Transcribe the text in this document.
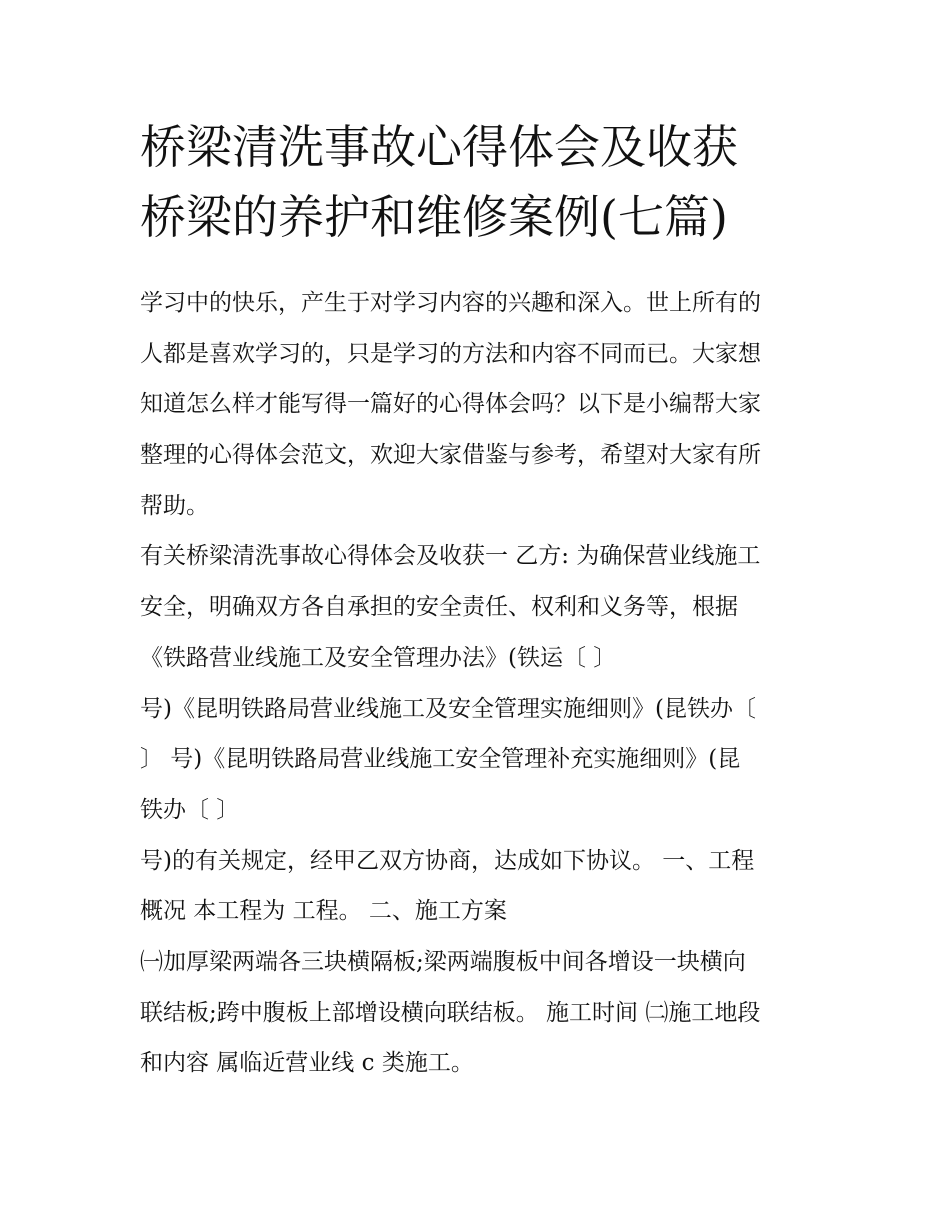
桥梁清洗事故心得体会及收获
桥梁的养护和维修案例(七篇)
学习中的快乐，产生于对学习内容的兴趣和深入。世上所有的
人都是喜欢学习的，只是学习的方法和内容不同而已。大家想
知道怎么样才能写得一篇好的心得体会吗？以下是小编帮大家
整理的心得体会范文，欢迎大家借鉴与参考，希望对大家有所
帮助。
有关桥梁清洗事故心得体会及收获一 乙方: 为确保营业线施工
安全，明确双方各自承担的安全责任、权利和义务等，根据
《铁路营业线施工及安全管理办法》(铁运〔 〕
号)《昆明铁路局营业线施工及安全管理实施细则》(昆铁办〔
〕 号)《昆明铁路局营业线施工安全管理补充实施细则》(昆
铁办〔 〕
号)的有关规定，经甲乙双方协商，达成如下协议。 一、工程
概况 本工程为 工程。 二、施工方案
㈠加厚梁两端各三块横隔板;梁两端腹板中间各增设一块横向
联结板;跨中腹板上部增设横向联结板。 施工时间 ㈡施工地段
和内容 属临近营业线 c 类施工。
